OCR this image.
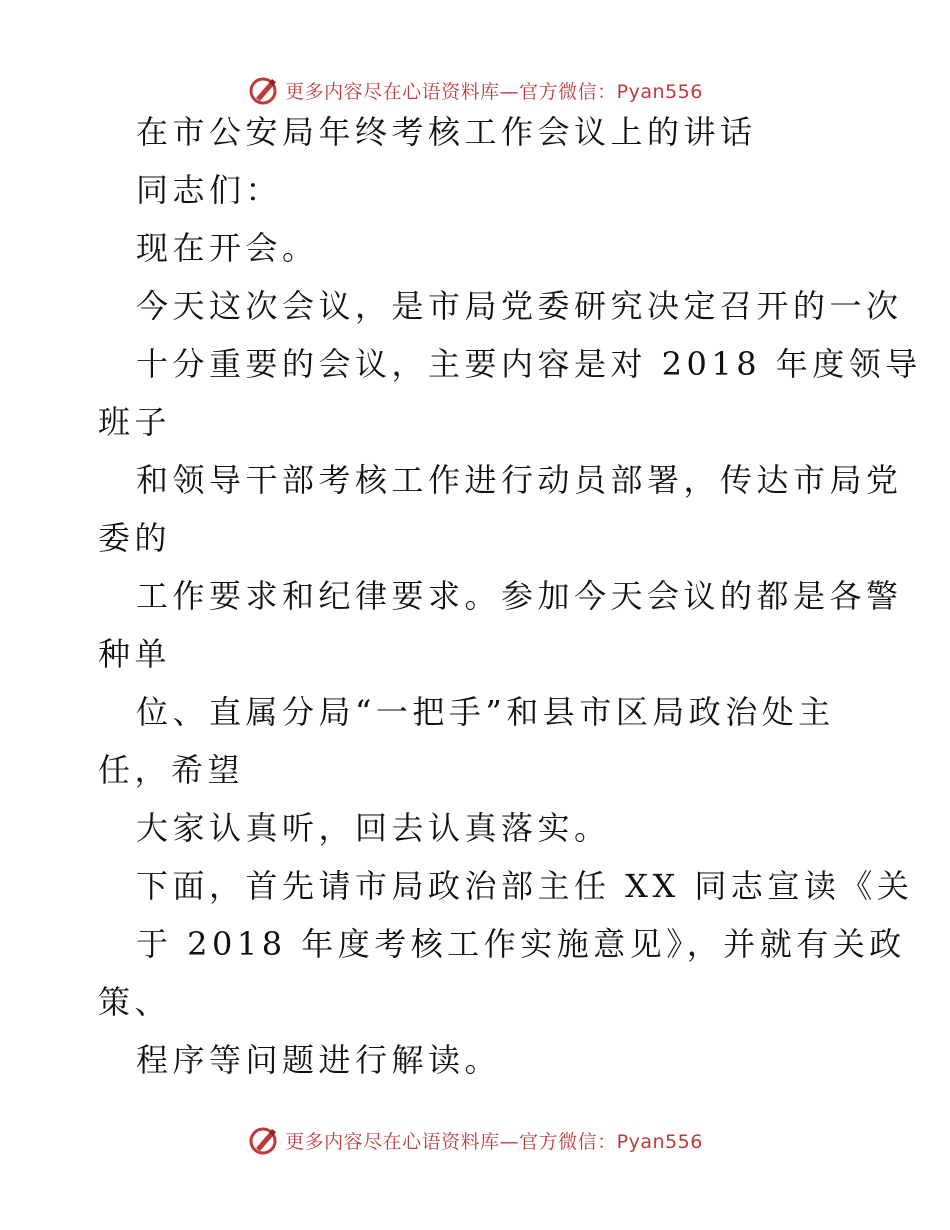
更多内容尽在心语资料库—官方微信：Pyan556
在市公安局年终考核工作会议上的讲话
同志们：
现在开会。
今天这次会议，是市局党委研究决定召开的一次
十分重要的会议，主要内容是对 2018 年度领导
班子
和领导干部考核工作进行动员部署，传达市局党
委的
工作要求和纪律要求。参加今天会议的都是各警
种单
位、直属分局“一把手”和县市区局政治处主
任，希望
大家认真听，回去认真落实。
下面，首先请市局政治部主任 XX 同志宣读《关
于 2018 年度考核工作实施意见》，并就有关政
策、
程序等问题进行解读。
更多内容尽在心语资料库—官方微信：Pyan556
